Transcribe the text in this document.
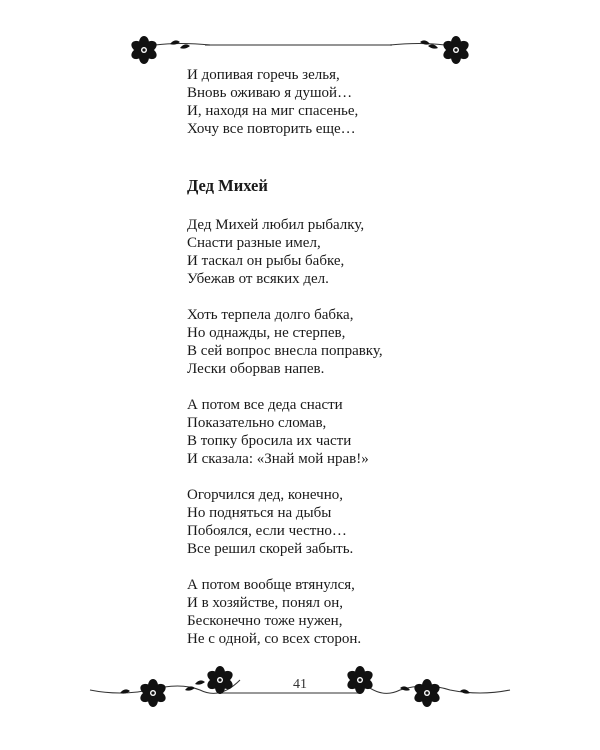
И допивая горечь зелья,
Вновь оживаю я душой…
И, находя на миг спасенье,
Хочу все повторить еще…
Дед Михей
Дед Михей любил рыбалку,
Снасти разные имел,
И таскал он рыбы бабке,
Убежав от всяких дел.
Хоть терпела долго бабка,
Но однажды, не стерпев,
В сей вопрос внесла поправку,
Лески оборвав напев.
А потом все деда снасти
Показательно сломав,
В топку бросила их части
И сказала: «Знай мой нрав!»
Огорчился дед, конечно,
Но подняться на дыбы
Побоялся, если честно…
Все решил скорей забыть.
А потом вообще втянулся,
И в хозяйстве, понял он,
Бесконечно тоже нужен,
Не с одной, со всех сторон.
41
